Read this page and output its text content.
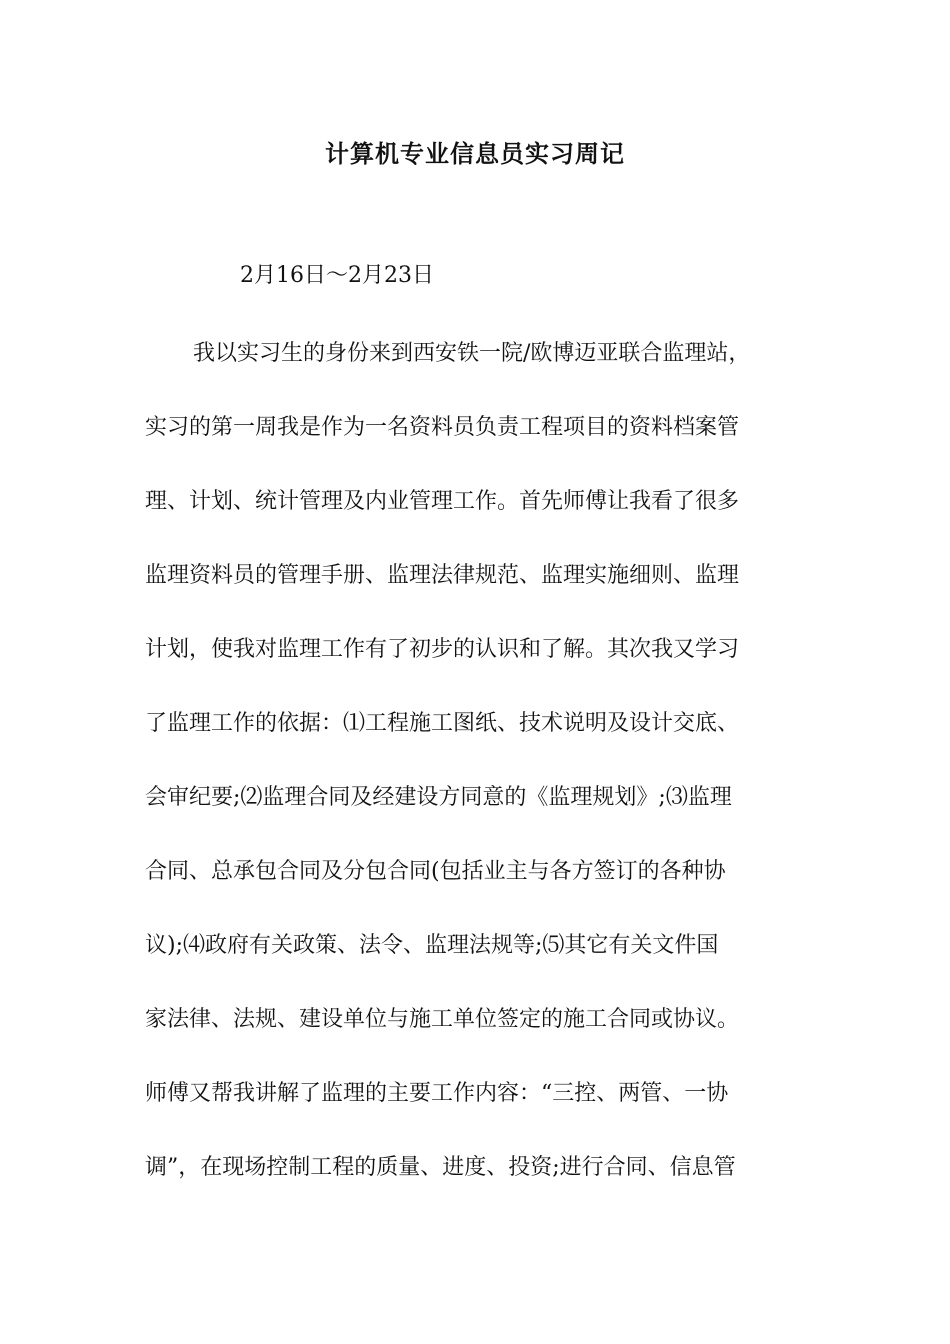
计算机专业信息员实习周记
2月16日～2月23日
我以实习生的身份来到西安铁一院/欧博迈亚联合监理站，
实习的第一周我是作为一名资料员负责工程项目的资料档案管
理、计划、统计管理及内业管理工作。首先师傅让我看了很多
监理资料员的管理手册、监理法律规范、监理实施细则、监理
计划，使我对监理工作有了初步的认识和了解。其次我又学习
了监理工作的依据：⑴工程施工图纸、技术说明及设计交底、
会审纪要;⑵监理合同及经建设方同意的《监理规划》;⑶监理
合同、总承包合同及分包合同(包括业主与各方签订的各种协
议);⑷政府有关政策、法令、监理法规等;⑸其它有关文件国
家法律、法规、建设单位与施工单位签定的施工合同或协议。
师傅又帮我讲解了监理的主要工作内容：“三控、两管、一协
调”，在现场控制工程的质量、进度、投资;进行合同、信息管
